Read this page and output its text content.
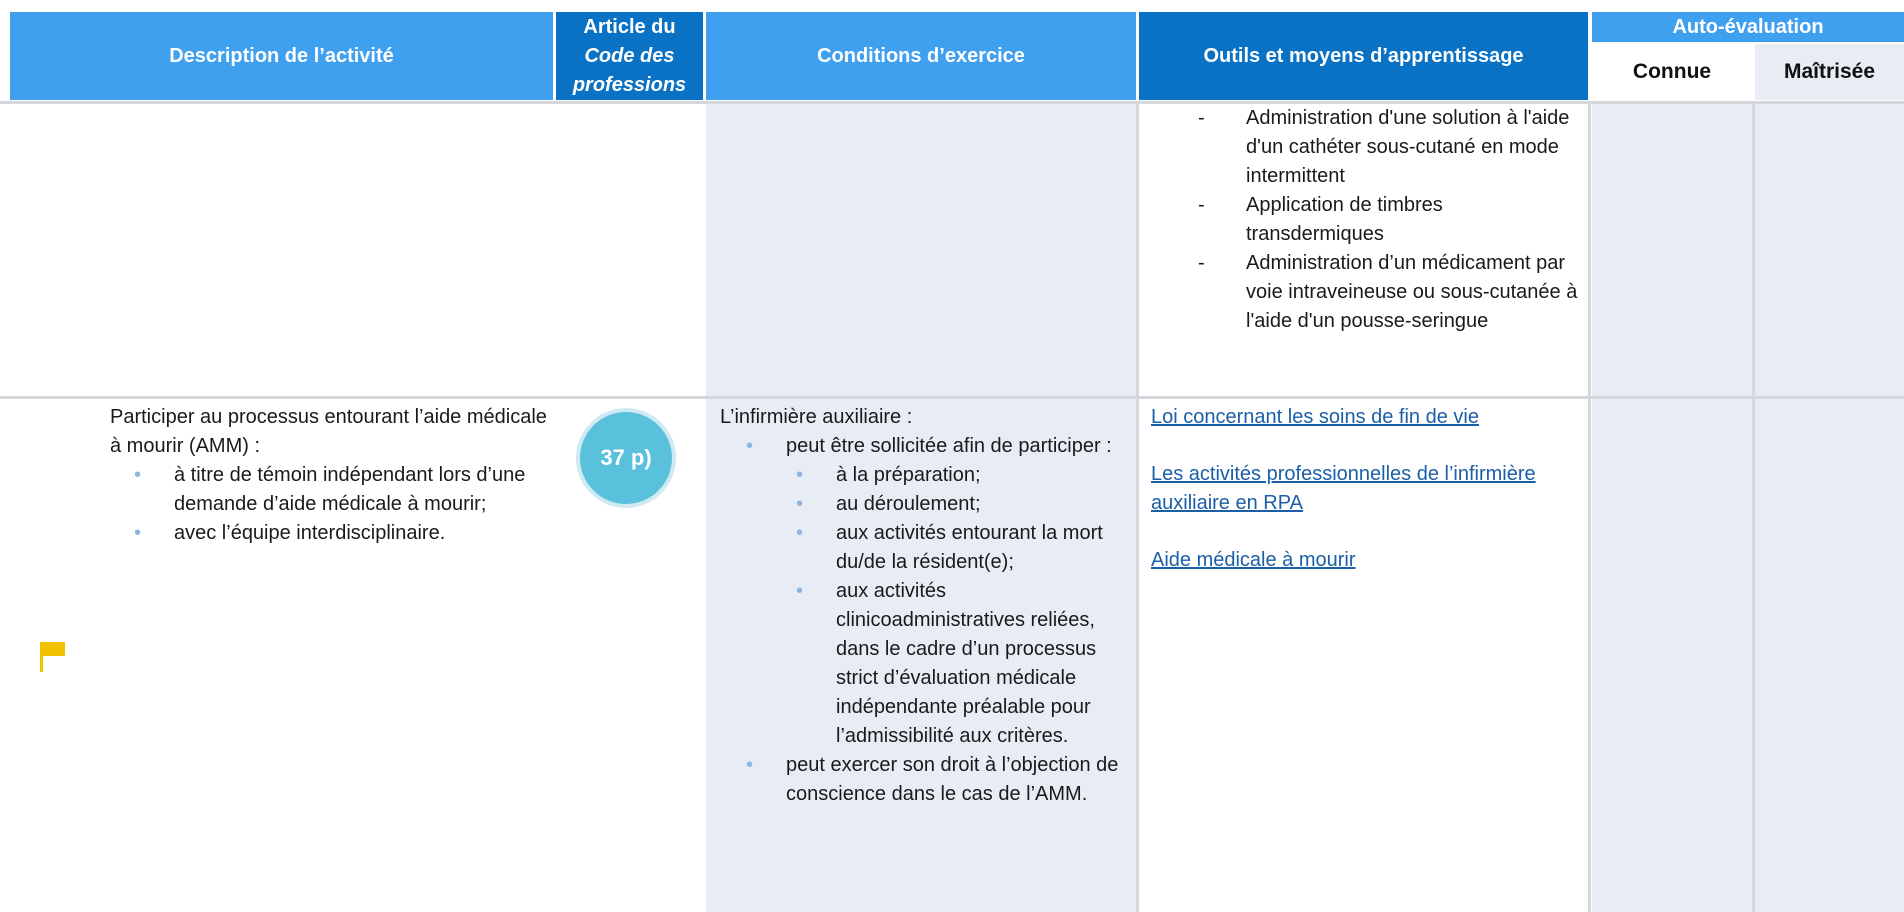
Description de l’activité
Article du
Code des
professions
Conditions d’exercice	Outils et moyens d’apprentissage
Auto-évaluation
Connue	Maîtrisée
- Administration d'une solution à l'aide d'un cathéter sous-cutané en mode intermittent
- Application de timbres transdermiques
- Administration d’un médicament par voie intraveineuse ou sous-cutanée à l'aide d'un pousse-seringue
Participer au processus entourant l’aide médicale à mourir (AMM) :
• à titre de témoin indépendant lors d’une demande d’aide médicale à mourir;
• avec l’équipe interdisciplinaire.
37 p)
L’infirmière auxiliaire :
• peut être sollicitée afin de participer :
• à la préparation;
• au déroulement;
• aux activités entourant la mort du/de la résident(e);
• aux activités clinicoadministratives reliées, dans le cadre d’un processus strict d’évaluation médicale indépendante préalable pour l’admissibilité aux critères.
• peut exercer son droit à l’objection de conscience dans le cas de l’AMM.
Loi concernant les soins de fin de vie
Les activités professionnelles de l’infirmière auxiliaire en RPA
Aide médicale à mourir
